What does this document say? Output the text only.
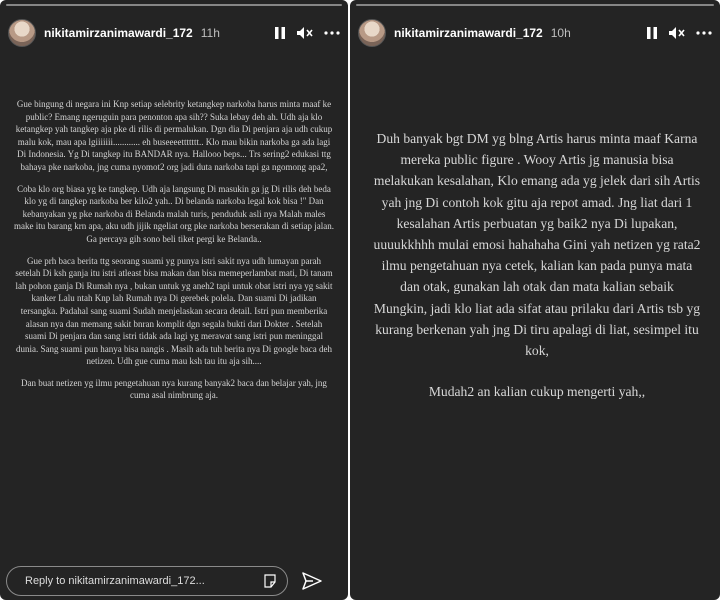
nikitamirzanimawardi_172 11h

Gue bingung di negara ini Knp setiap selebrity ketangkep narkoba harus minta maaf ke public? Emang ngeruguin para penonton apa sih?? Suka lebay deh ah. Udh aja klo ketangkep yah tangkep aja pke di rilis di permalukan. Dgn dia Di penjara aja udh cukup malu kok, mau apa lgiiiiiii............ eh buseeeettttttt.. Klo mau bikin narkoba ga ada lagi Di Indonesia. Yg Di tangkep itu BANDAR nya. Hallooo beps... Trs sering2 edukasi ttg bahaya pke narkoba, jng cuma nyomot2 org jadi duta narkoba tapi ga ngomong apa2,

Coba klo org biasa yg ke tangkep. Udh aja langsung Di masukin ga jg Di rilis deh beda klo yg di tangkep narkoba ber kilo2 yah.. Di belanda narkoba legal kok bisa !" Dan kebanyakan yg pke narkoba di Belanda malah turis, penduduk asli nya Malah males make itu barang krn apa, aku udh jijik ngeliat org pke narkoba berserakan di setiap jalan. Ga percaya gih sono beli tiket pergi ke Belanda..

Gue prh baca berita ttg seorang suami yg punya istri sakit nya udh lumayan parah setelah Di ksh ganja itu istri atleast bisa makan dan bisa memeperlambat mati, Di tanam lah pohon ganja Di Rumah nya , bukan untuk yg aneh2 tapi untuk obat istri nya yg sakit kanker Lalu ntah Knp lah Rumah nya Di gerebek polela. Dan suami Di jadikan tersangka. Padahal sang suami Sudah menjelaskan secara detail. Istri pun memberika alasan nya dan memang sakit bnran komplit dgn segala bukti dari Dokter . Setelah suami Di penjara dan sang istri tidak ada lagi yg merawat sang istri pun meninggal dunia. Sang suami pun hanya bisa nangis . Masih ada tuh berita nya Di google baca deh netizen. Udh gue cuma mau ksh tau itu aja sih....

Dan buat netizen yg ilmu pengetahuan nya kurang banyak2 baca dan belajar yah, jng cuma asal nimbrung aja.

Reply to nikitamirzanimawardi_172...
nikitamirzanimawardi_172 10h

Duh banyak bgt DM yg blng Artis harus minta maaf Karna mereka public figure . Wooy Artis jg manusia bisa melakukan kesalahan, Klo emang ada yg jelek dari sih Artis yah jng Di contoh kok gitu aja repot amad. Jng liat dari 1 kesalahan Artis perbuatan yg baik2 nya Di lupakan, uuuukkhhh mulai emosi hahahaha Gini yah netizen yg rata2 ilmu pengetahuan nya cetek, kalian kan pada punya mata dan otak, gunakan lah otak dan mata kalian sebaik Mungkin, jadi klo liat ada sifat atau prilaku dari Artis tsb yg kurang berkenan yah jng Di tiru apalagi di liat, sesimpel itu kok,

Mudah2 an kalian cukup mengerti yah,,
